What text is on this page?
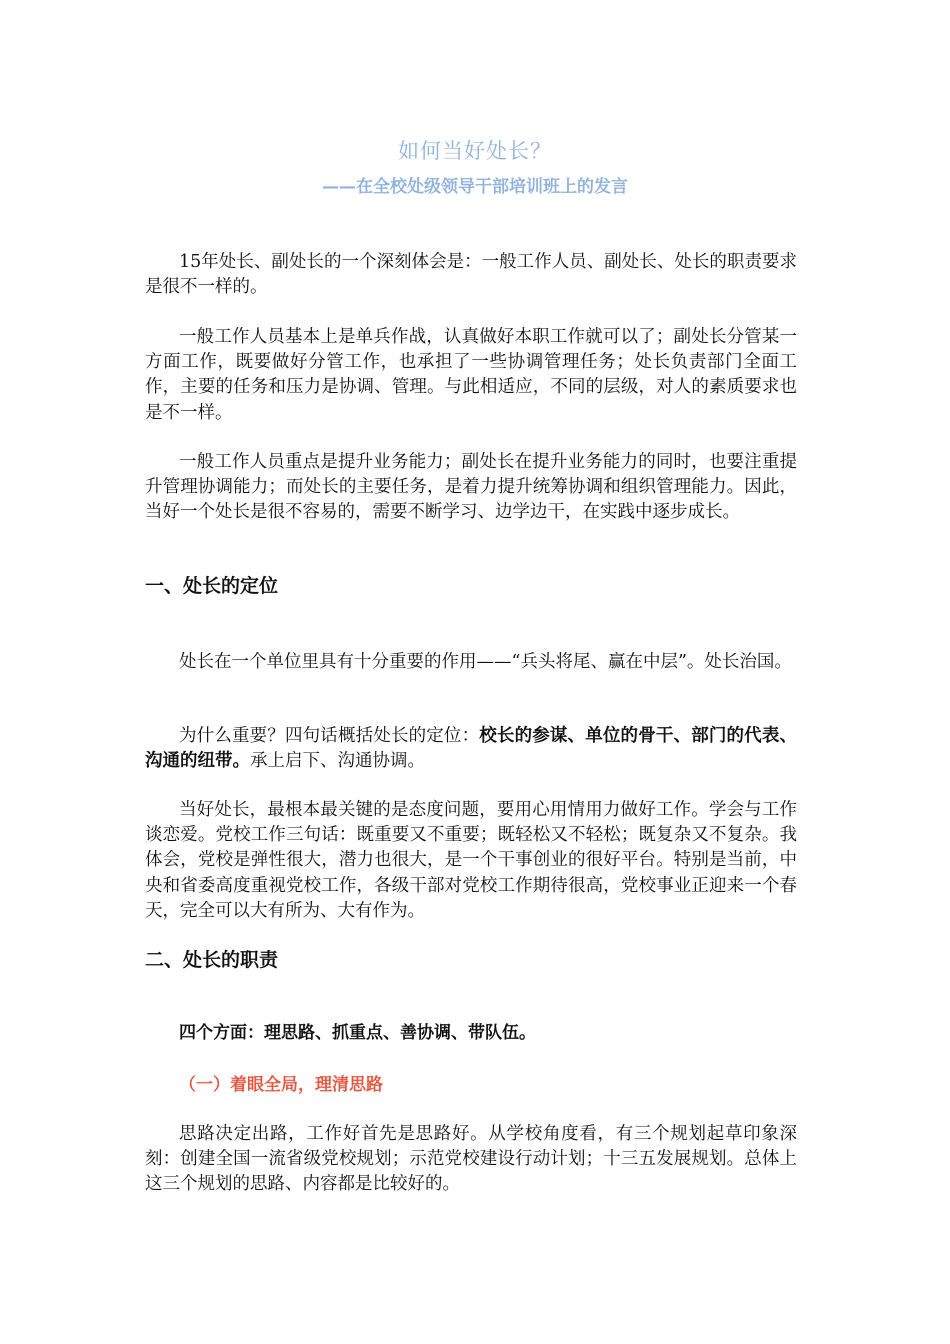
如何当好处长？
——在全校处级领导干部培训班上的发言

15年处长、副处长的一个深刻体会是：一般工作人员、副处长、处长的职责要求是很不一样的。

一般工作人员基本上是单兵作战，认真做好本职工作就可以了；副处长分管某一方面工作，既要做好分管工作，也承担了一些协调管理任务；处长负责部门全面工作，主要的任务和压力是协调、管理。与此相适应，不同的层级，对人的素质要求也是不一样。

一般工作人员重点是提升业务能力；副处长在提升业务能力的同时，也要注重提升管理协调能力；而处长的主要任务，是着力提升统筹协调和组织管理能力。因此，当好一个处长是很不容易的，需要不断学习、边学边干，在实践中逐步成长。

一、处长的定位

处长在一个单位里具有十分重要的作用——“兵头将尾、赢在中层”。处长治国。

为什么重要？四句话概括处长的定位：校长的参谋、单位的骨干、部门的代表、沟通的纽带。承上启下、沟通协调。

当好处长，最根本最关键的是态度问题，要用心用情用力做好工作。学会与工作谈恋爱。党校工作三句话：既重要又不重要；既轻松又不轻松；既复杂又不复杂。我体会，党校是弹性很大，潜力也很大，是一个干事创业的很好平台。特别是当前，中央和省委高度重视党校工作，各级干部对党校工作期待很高，党校事业正迎来一个春天，完全可以大有所为、大有作为。

二、处长的职责
四个方面：理思路、抓重点、善协调、带队伍。
（一）着眼全局，理清思路

思路决定出路，工作好首先是思路好。从学校角度看，有三个规划起草印象深刻：创建全国一流省级党校规划；示范党校建设行动计划；十三五发展规划。总体上这三个规划的思路、内容都是比较好的。
